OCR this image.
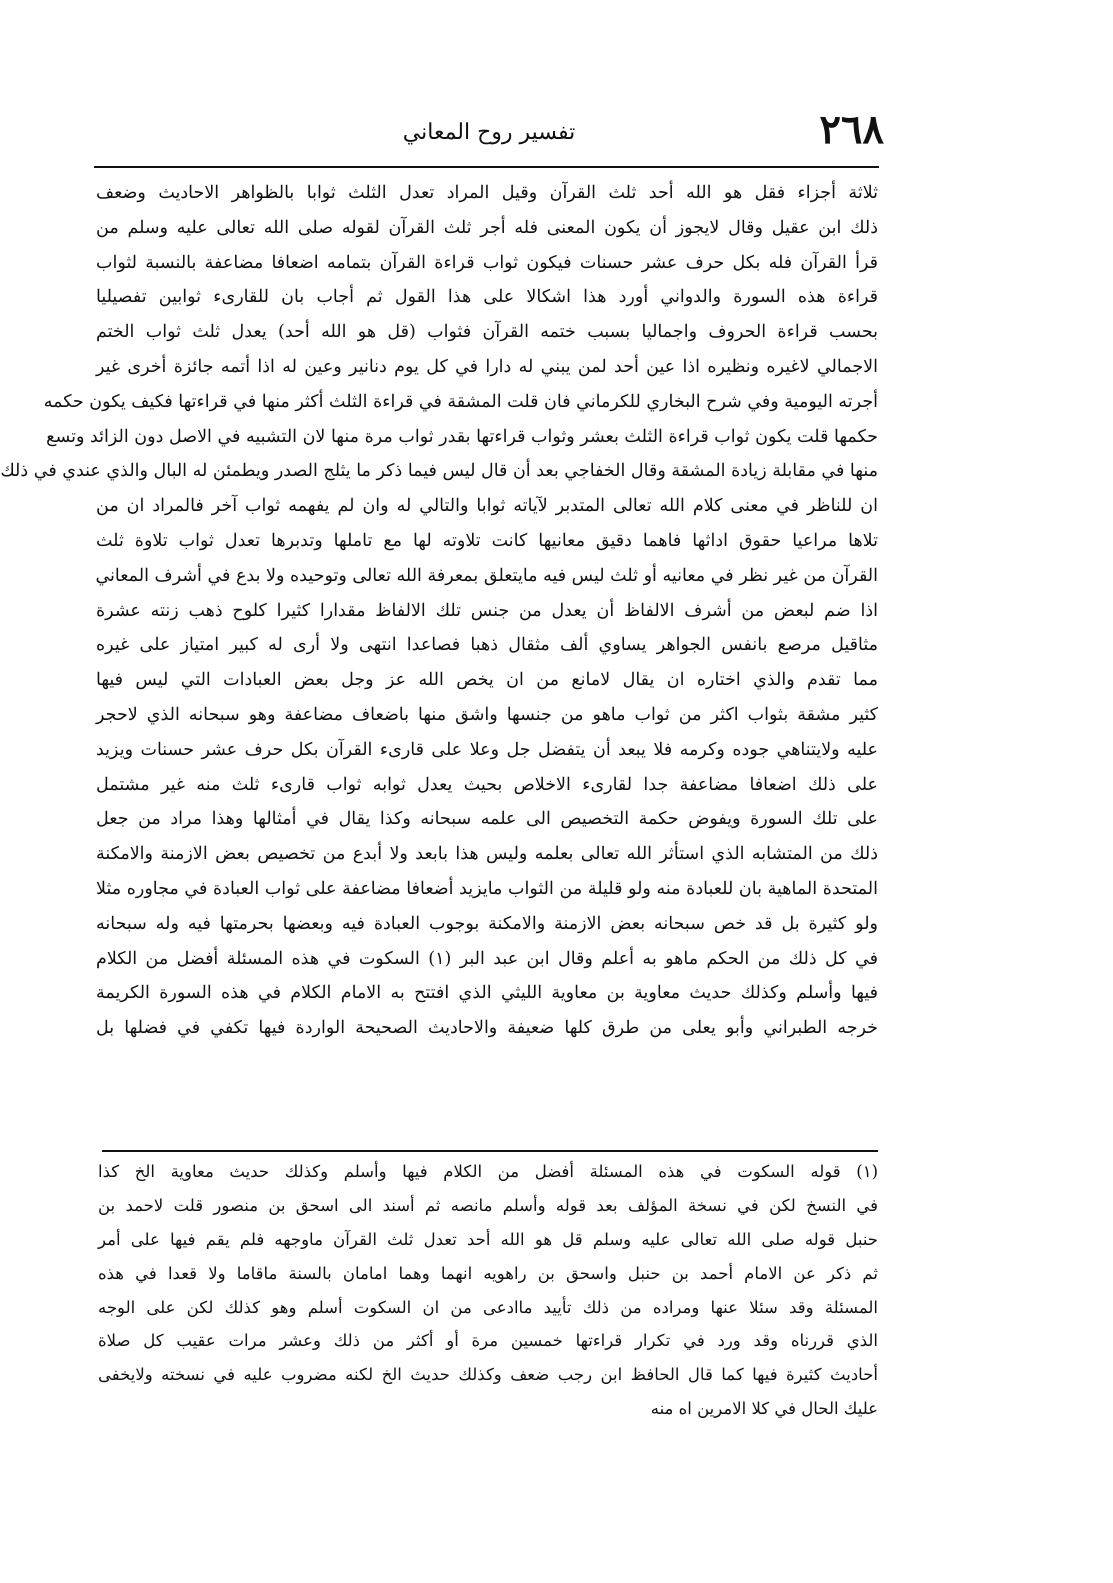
٢٦٨
تفسير روح المعاني
ثلاثة أجزاء فقل هو الله أحد ثلث القرآن وقيل المراد تعدل الثلث ثوابا بالظواهر الاحاديث وضعف
ذلك ابن عقيل وقال لايجوز أن يكون المعنى فله أجر ثلث القرآن لقوله صلى الله تعالى عليه وسلم من
قرأ القرآن فله بكل حرف عشر حسنات فيكون ثواب قراءة القرآن بتمامه اضعافا مضاعفة بالنسبة لثواب
قراءة هذه السورة والدواني أورد هذا اشكالا على هذا القول ثم أجاب بان للقارىء ثوابين تفصيليا
بحسب قراءة الحروف واجماليا بسبب ختمه القرآن فثواب (قل هو الله أحد) يعدل ثلث ثواب الختم
الاجمالي لاغيره ونظيره اذا عين أحد لمن يبني له دارا في كل يوم دنانير وعين له اذا أتمه جائزة أخرى غير
أجرته اليومية وفي شرح البخاري للكرماني فان قلت المشقة في قراءة الثلث أكثر منها في قراءتها فكيف يكون حكمه
حكمها قلت يكون ثواب قراءة الثلث بعشر وثواب قراءتها بقدر ثواب مرة منها لان التشبيه في الاصل دون الزائد وتسع
منها في مقابلة زيادة المشقة وقال الخفاجي بعد أن قال ليس فيما ذكر ما يثلج الصدر ويطمئن له البال والذي عندي في ذلك
ان للناظر في معنى كلام الله تعالى المتدبر لآياته ثوابا والتالي له وان لم يفهمه ثواب آخر فالمراد ان من
تلاها مراعيا حقوق اداثها فاهما دقيق معانيها كانت تلاوته لها مع تاملها وتدبرها تعدل ثواب تلاوة ثلث
القرآن من غير نظر في معانيه أو ثلث ليس فيه مايتعلق بمعرفة الله تعالى وتوحيده ولا بدع في أشرف المعاني
اذا ضم لبعض من أشرف الالفاظ أن يعدل من جنس تلك الالفاظ مقدارا كثيرا كلوح ذهب زنته عشرة
مثاقيل مرصع بانفس الجواهر يساوي ألف مثقال ذهبا فصاعدا انتهى ولا أرى له كبير امتياز على غيره
مما تقدم والذي اختاره ان يقال لامانع من ان يخص الله عز وجل بعض العبادات التي ليس فيها
كثير مشقة بثواب اكثر من ثواب ماهو من جنسها واشق منها باضعاف مضاعفة وهو سبحانه الذي لاحجر
عليه ولايتناهي جوده وكرمه فلا يبعد أن يتفضل جل وعلا على قارىء القرآن بكل حرف عشر حسنات ويزيد
على ذلك اضعافا مضاعفة جدا لقارىء الاخلاص بحيث يعدل ثوابه ثواب قارىء ثلث منه غير مشتمل
على تلك السورة ويفوض حكمة التخصيص الى علمه سبحانه وكذا يقال في أمثالها وهذا مراد من جعل
ذلك من المتشابه الذي استأثر الله تعالى بعلمه وليس هذا بابعد ولا أبدع من تخصيص بعض الازمنة والامكنة
المتحدة الماهية بان للعبادة منه ولو قليلة من الثواب مايزيد أضعافا مضاعفة على ثواب العبادة في مجاوره مثلا
ولو كثيرة بل قد خص سبحانه بعض الازمنة والامكنة بوجوب العبادة فيه وبعضها بحرمتها فيه وله سبحانه
في كل ذلك من الحكم ماهو به أعلم وقال ابن عبد البر (١) السكوت في هذه المسئلة أفضل من الكلام
فيها وأسلم وكذلك حديث معاوية بن معاوية الليثي الذي افتتح به الامام الكلام في هذه السورة الكريمة
خرجه الطبراني وأبو يعلى من طرق كلها ضعيفة والاحاديث الصحيحة الواردة فيها تكفي في فضلها بل
(١) قوله السكوت في هذه المسئلة أفضل من الكلام فيها وأسلم وكذلك حديث معاوية الخ كذا
في النسخ لكن في نسخة المؤلف بعد قوله وأسلم مانصه ثم أسند الى اسحق بن منصور قلت لاحمد بن
حنبل قوله صلى الله تعالى عليه وسلم قل هو الله أحد تعدل ثلث القرآن ماوجهه فلم يقم فيها على أمر
ثم ذكر عن الامام أحمد بن حنبل واسحق بن راهويه انهما وهما امامان بالسنة ماقاما ولا قعدا في هذه
المسئلة وقد سئلا عنها ومراده من ذلك تأييد ماادعى من ان السكوت أسلم وهو كذلك لكن على الوجه
الذي قررناه وقد ورد في تكرار قراءتها خمسين مرة أو أكثر من ذلك وعشر مرات عقيب كل صلاة
أحاديث كثيرة فيها كما قال الحافظ ابن رجب ضعف وكذلك حديث الخ لكنه مضروب عليه في نسخته ولايخفى
عليك الحال في كلا الامرين اه منه
